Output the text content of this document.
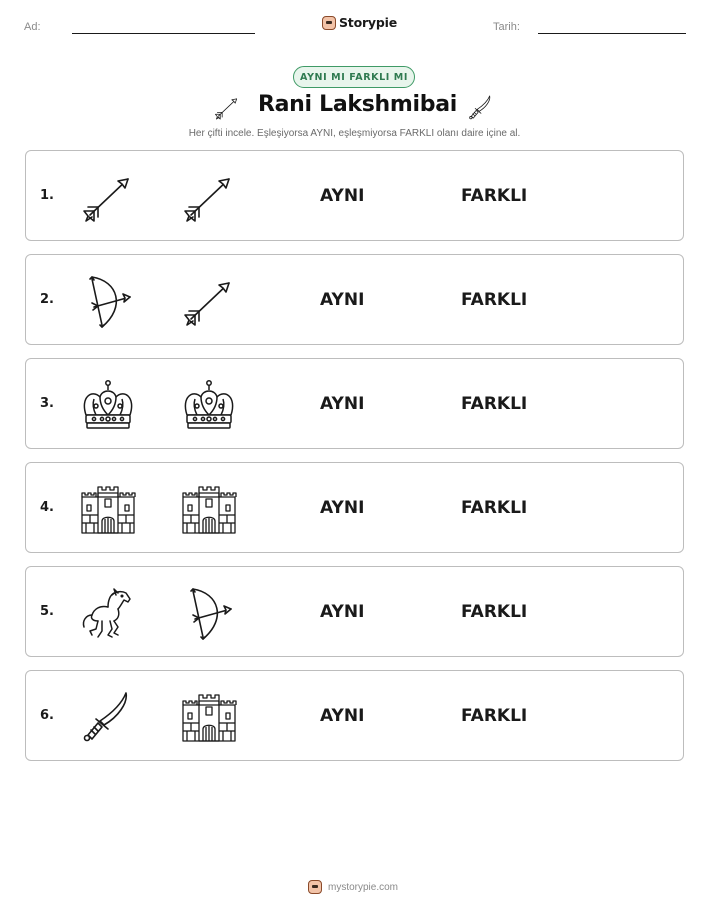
Ad:	Storypie	Tarih:
AYNI MI FARKLI MI
Rani Lakshmibai
Her çifti incele. Eşleşiyorsa AYNI, eşleşmiyorsa FARKLI olanı daire içine al.
1.	AYNI	FARKLI
2.	AYNI	FARKLI
3.	AYNI	FARKLI
4.	AYNI	FARKLI
5.	AYNI	FARKLI
6.	AYNI	FARKLI
mystorypie.com
